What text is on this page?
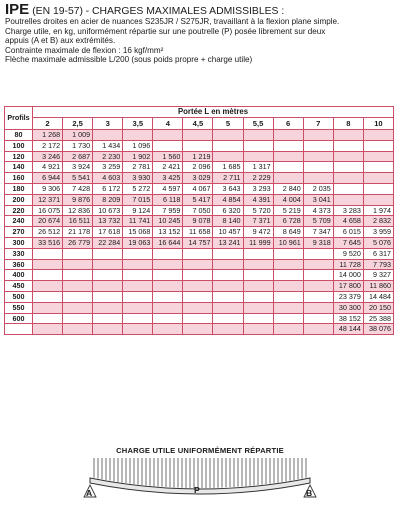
IPE (EN 19-57) - CHARGES MAXIMALES ADMISSIBLES :
Poutrelles droites en acier de nuances S235JR / S275JR, travaillant à la flexion plane simple.
Charge utile, en kg, uniformément répartie sur une poutrelle (P) posée librement sur deux
appuis (A et B) aux extrémités.
Contrainte maximale de flexion : 16 kgf/mm²
Flèche maximale admissible L/200 (sous poids propre + charge utile)
Profils	Portée L en mètres											
	2	2,5	3	3,5	4	4,5	5	5,5	6	7	8	10
80	1 268	1 009										
100	2 172	1 730	1 434	1 096								
120	3 246	2 687	2 230	1 902	1 560	1 219						
140	4 921	3 924	3 259	2 781	2 421	2 096	1 685	1 317				
160	6 944	5 541	4 603	3 930	3 425	3 029	2 711	2 229				
180	9 306	7 428	6 172	5 272	4 597	4 067	3 643	3 293	2 840	2 035		
200	12 371	9 876	8 209	7 015	6 118	5 417	4 854	4 391	4 004	3 041		
220	16 075	12 836	10 673	9 124	7 959	7 050	6 320	5 720	5 219	4 373	3 283	1 974
240	20 674	16 511	13 732	11 741	10 245	9 078	8 140	7 371	6 728	5 709	4 658	2 832
270	26 512	21 178	17 618	15 068	13 152	11 658	10 457	9 472	8 649	7 347	6 015	3 959
300	33 516	26 779	22 284	19 063	16 644	14 757	13 241	11 999	10 961	9 318	7 645	5 076
330											9 520	6 317
360											11 728	7 793
400											14 000	9 327
450											17 800	11 860
500											23 379	14 484
550											30 300	20 150
600											38 152	25 388
											48 144	38 076
CHARGE UTILE UNIFORMÉMENT RÉPARTIE
A	P	B
